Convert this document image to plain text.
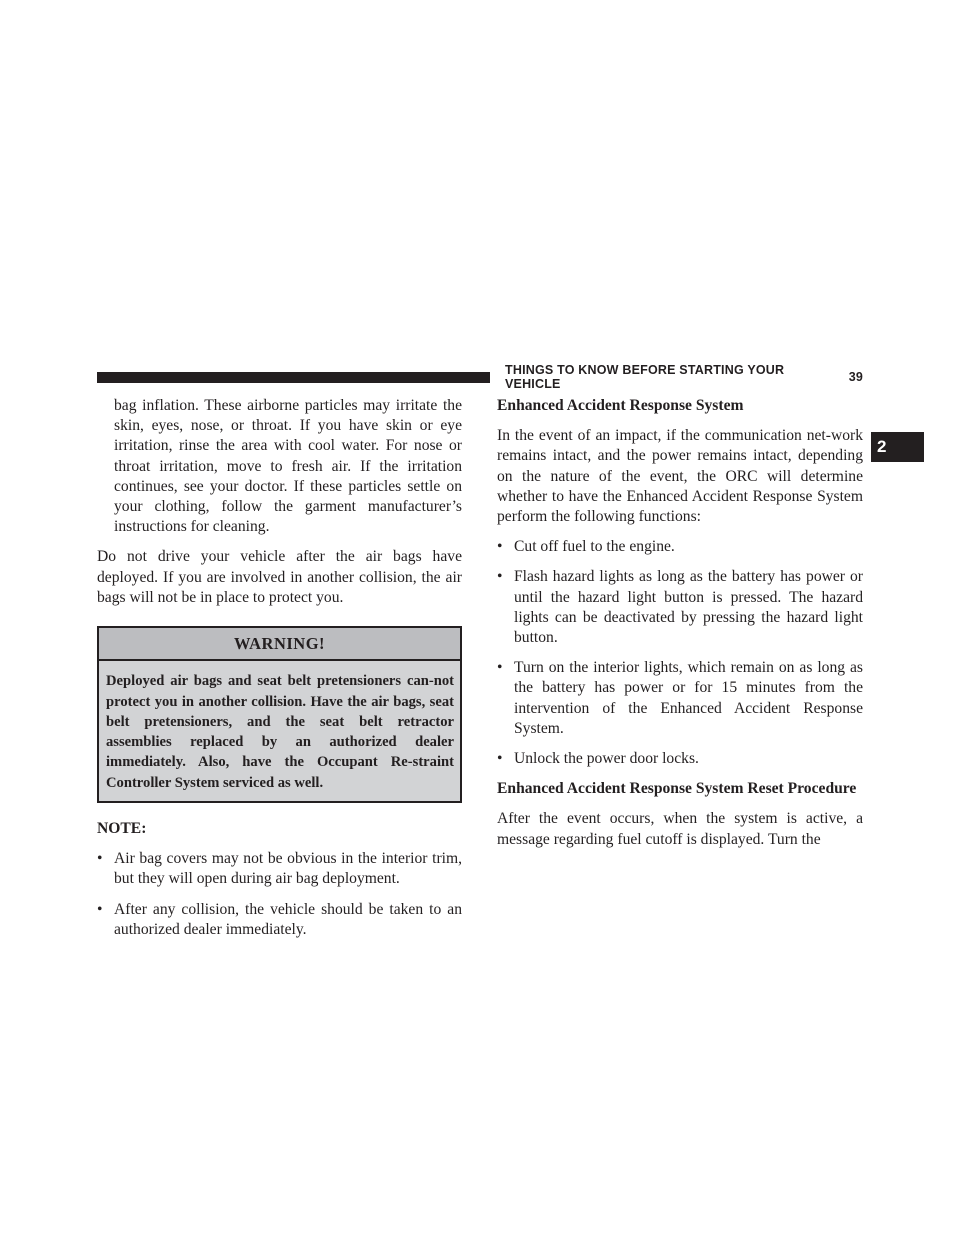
THINGS TO KNOW BEFORE STARTING YOUR VEHICLE	39
2

bag inflation. These airborne particles may irritate the skin, eyes, nose, or throat. If you have skin or eye irritation, rinse the area with cool water. For nose or throat irritation, move to fresh air. If the irritation continues, see your doctor. If these particles settle on your clothing, follow the garment manufacturer’s instructions for cleaning.

Do not drive your vehicle after the air bags have deployed. If you are involved in another collision, the air bags will not be in place to protect you.

WARNING!
Deployed air bags and seat belt pretensioners can-not protect you in another collision. Have the air bags, seat belt pretensioners, and the seat belt retractor assemblies replaced by an authorized dealer immediately. Also, have the Occupant Re-straint Controller System serviced as well.
NOTE:
• Air bag covers may not be obvious in the interior trim, but they will open during air bag deployment.
• After any collision, the vehicle should be taken to an authorized dealer immediately.
Enhanced Accident Response System

In the event of an impact, if the communication net-work remains intact, and the power remains intact, depending on the nature of the event, the ORC will determine whether to have the Enhanced Accident Response System perform the following functions:

• Cut off fuel to the engine.
• Flash hazard lights as long as the battery has power or until the hazard light button is pressed. The hazard lights can be deactivated by pressing the hazard light button.
• Turn on the interior lights, which remain on as long as the battery has power or for 15 minutes from the intervention of the Enhanced Accident Response System.
• Unlock the power door locks.
Enhanced Accident Response System Reset Procedure

After the event occurs, when the system is active, a message regarding fuel cutoff is displayed. Turn the
